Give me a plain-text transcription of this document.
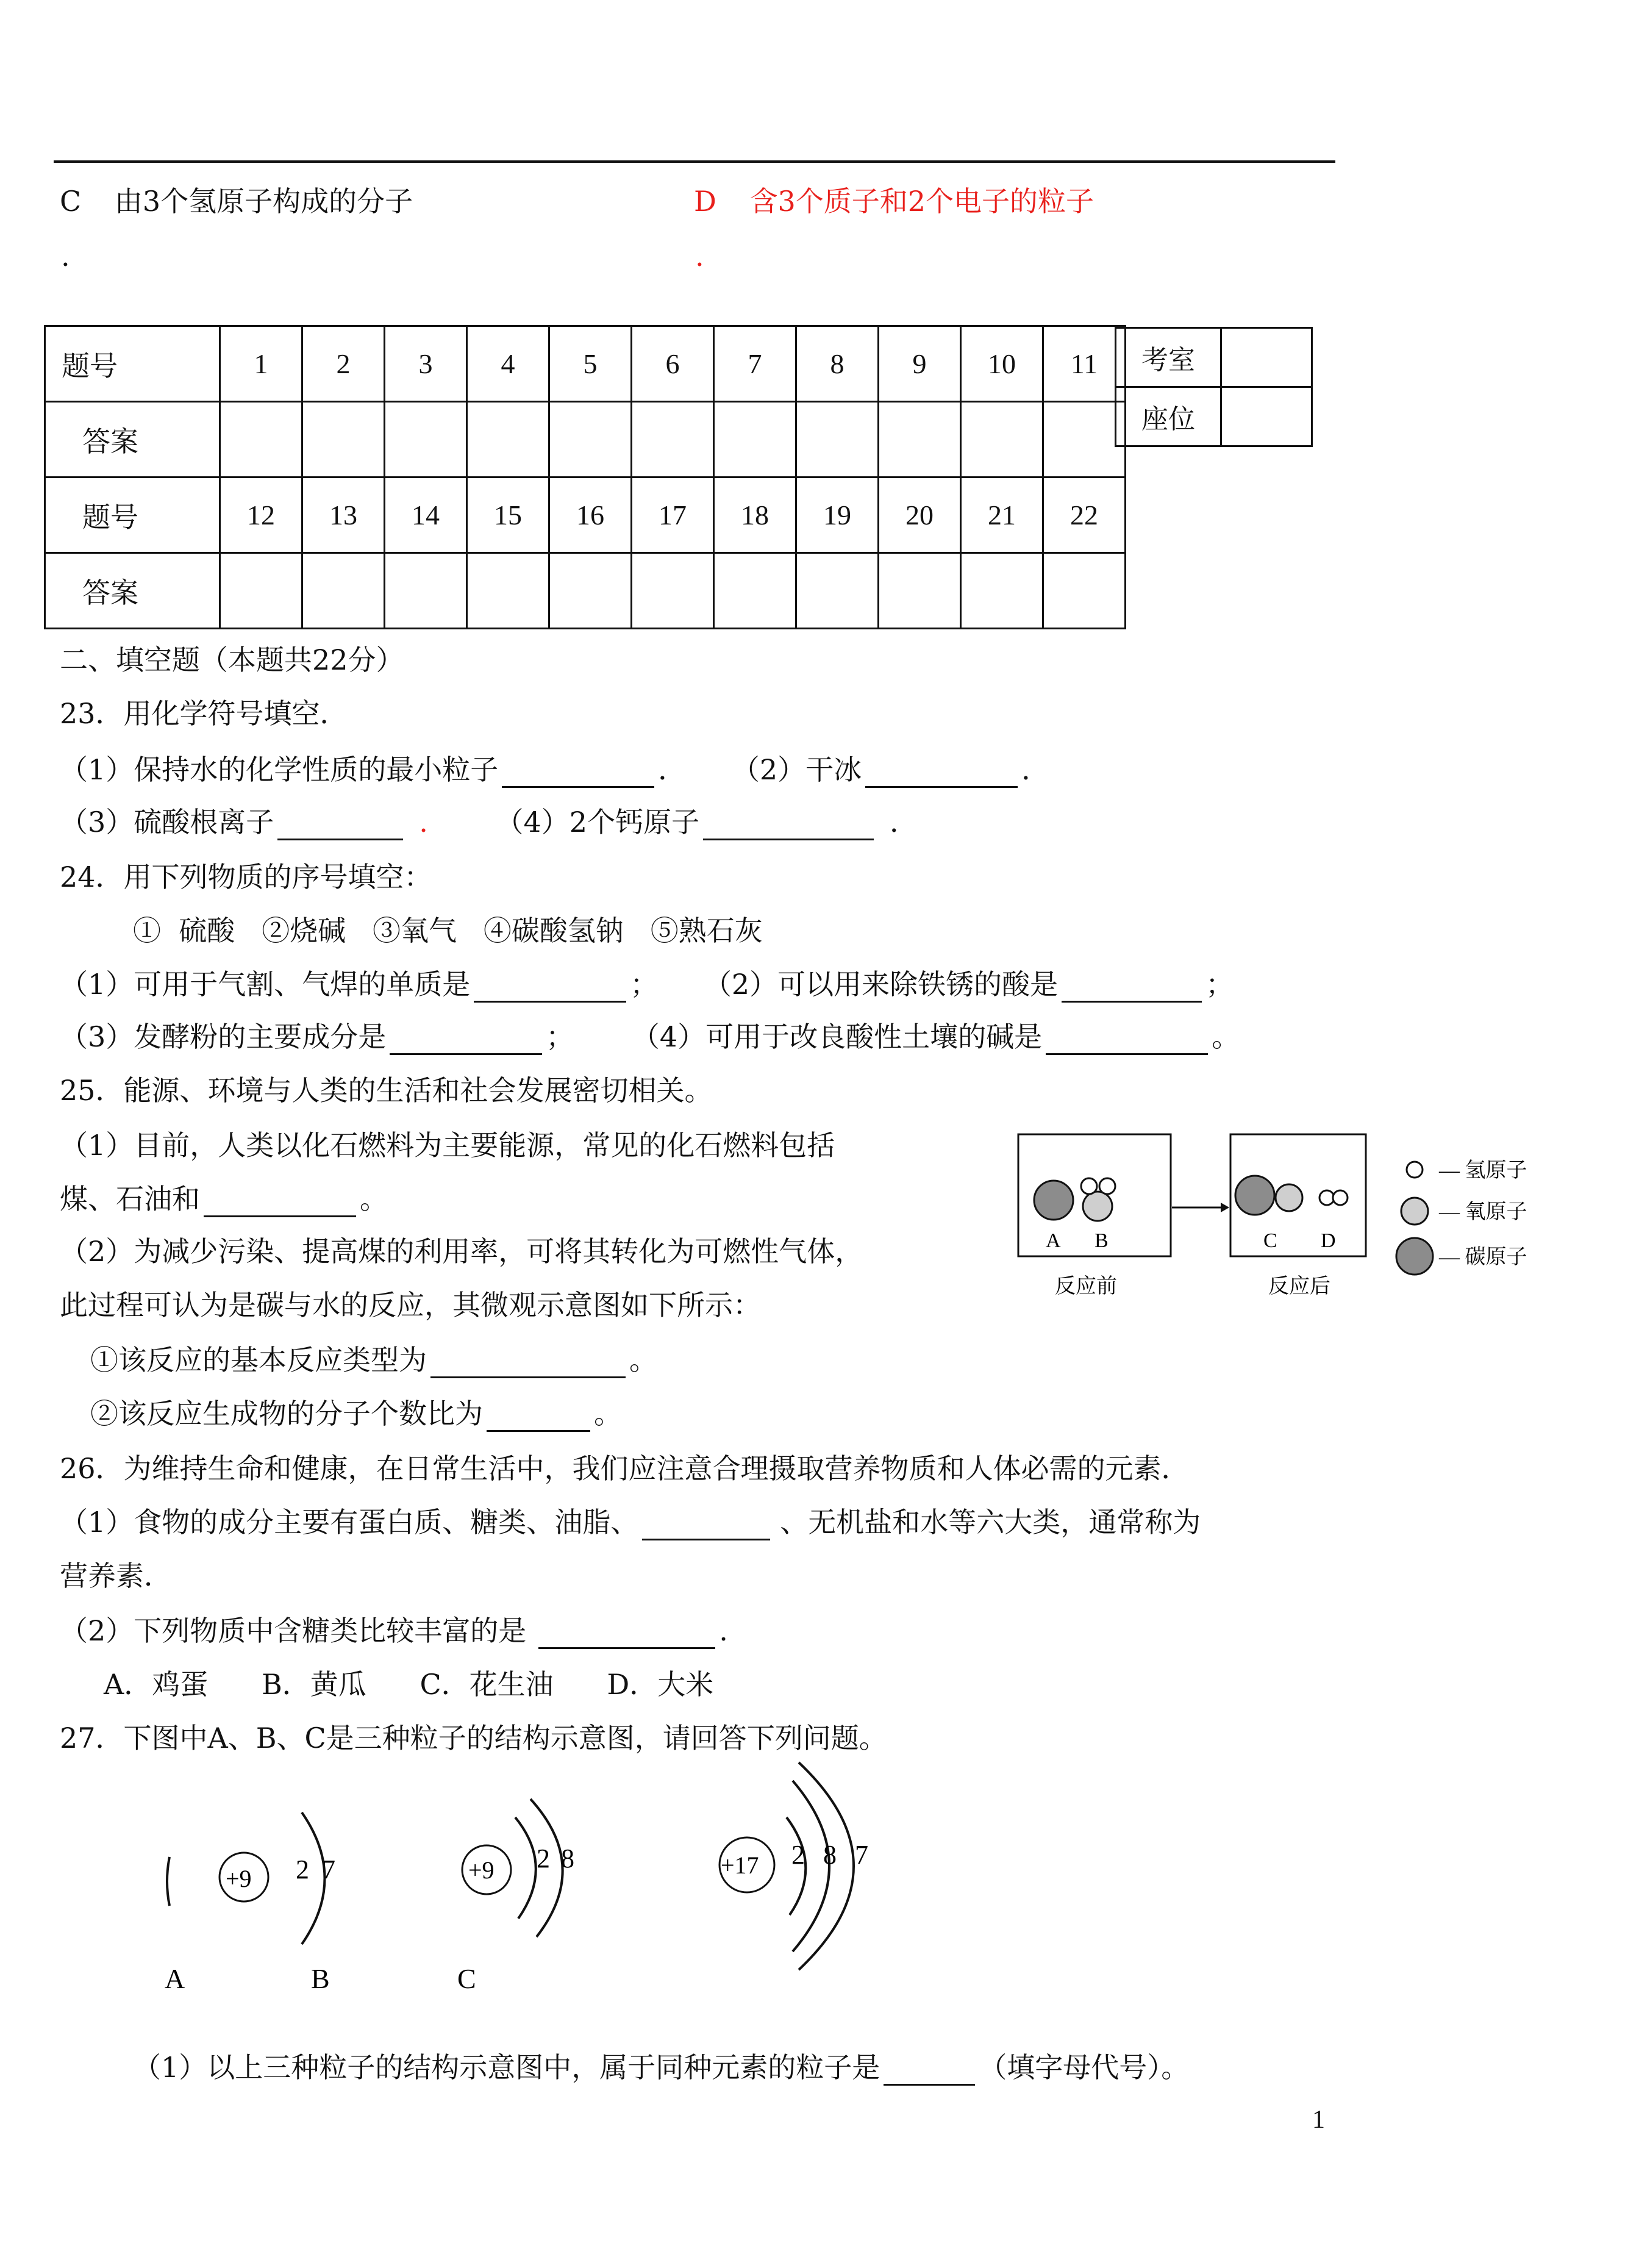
C 由3个氢原子构成的分子
.
D 含3个质子和2个电子的粒子
.
题号	1	2	3	4	5	6	7	8	9	10	11
答案											
题号	12	13	14	15	16	17	18	19	20	21	22
答案											
考室	
座位	
二、填空题（本题共22分）
23．用化学符号填空．
（1）保持水的化学性质的最小粒子	． （2）干冰	．
（3）硫酸根离子	. （4）2个钙原子	．
24．用下列物质的序号填空：
①  硫酸   ②烧碱   ③氧气   ④碳酸氢钠   ⑤熟石灰
（1）可用于气割、气焊的单质是	； （2）可以用来除铁锈的酸是	；
（3）发酵粉的主要成分是	； （4）可用于改良酸性土壤的碱是	。
25．能源、环境与人类的生活和社会发展密切相关。
（1）目前，人类以化石燃料为主要能源，常见的化石燃料包括
煤、石油和	。
（2）为减少污染、提高煤的利用率，可将其转化为可燃性气体，
此过程可认为是碳与水的反应，其微观示意图如下所示：
①该反应的基本反应类型为	。
②该反应生成物的分子个数比为	。
A B	C D
反应前	反应后
— 氢原子
— 氧原子
— 碳原子
26．为维持生命和健康，在日常生活中，我们应注意合理摄取营养物质和人体必需的元素．
（1）食物的成分主要有蛋白质、糖类、油脂、	、无机盐和水等六大类，通常称为
营养素．
（2）下列物质中含糖类比较丰富的是	.
A．鸡蛋      B．黄瓜      C．花生油      D．大米
27．下图中A、B、C是三种粒子的结构示意图，请回答下列问题。
+9 2 7
A	B
+9 2 8
C
+17 2 8 7
（1）以上三种粒子的结构示意图中，属于同种元素的粒子是	（填字母代号）。
1
